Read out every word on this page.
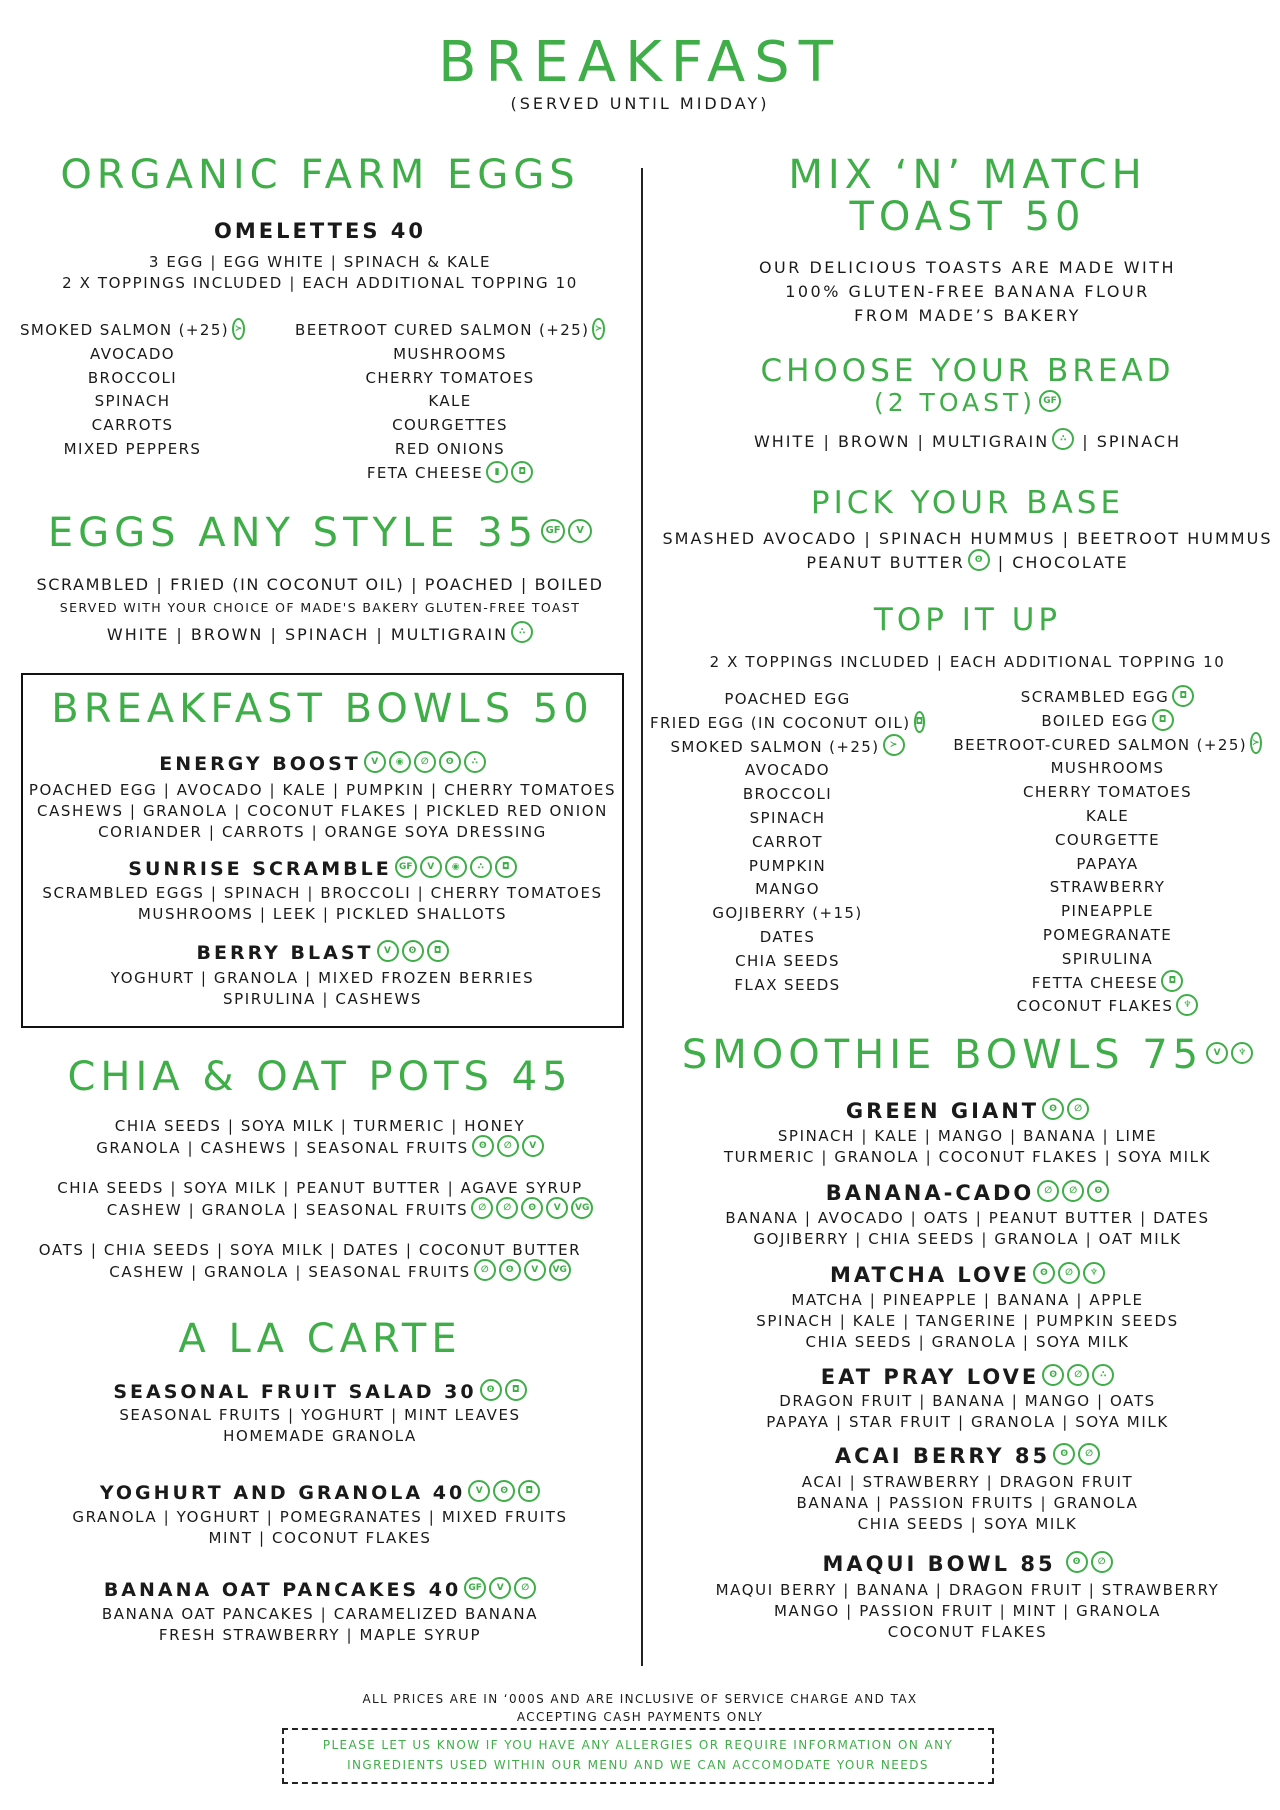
BREAKFAST
(SERVED UNTIL MIDDAY)
ORGANIC FARM EGGS
OMELETTES 40
3 EGG | EGG WHITE | SPINACH & KALE
2 X TOPPINGS INCLUDED | EACH ADDITIONAL TOPPING 10
SMOKED SALMON (+25) ≻
AVOCADO
BROCCOLI
SPINACH
CARROTS
MIXED PEPPERS
BEETROOT CURED SALMON (+25) ≻
MUSHROOMS
CHERRY TOMATOES
KALE
COURGETTES
RED ONIONS
FETA CHEESE	▮	◘
EGGS ANY STYLE 35 GF	V
SCRAMBLED | FRIED (IN COCONUT OIL) | POACHED | BOILED
SERVED WITH YOUR CHOICE OF MADE'S BAKERY GLUTEN-FREE TOAST
WHITE | BROWN | SPINACH | MULTIGRAIN	∴
BREAKFAST BOWLS 50
ENERGY BOOST	V	◉	∅	ʘ	∴
POACHED EGG | AVOCADO | KALE | PUMPKIN | CHERRY TOMATOES
CASHEWS | GRANOLA | COCONUT FLAKES | PICKLED RED ONION
CORIANDER | CARROTS | ORANGE SOYA DRESSING
SUNRISE SCRAMBLE GF	V	◉	∴	◘
SCRAMBLED EGGS | SPINACH | BROCCOLI | CHERRY TOMATOES
MUSHROOMS | LEEK | PICKLED SHALLOTS
BERRY BLAST	V	ʘ	◘
YOGHURT | GRANOLA | MIXED FROZEN BERRIES
SPIRULINA | CASHEWS
CHIA & OAT POTS 45
CHIA SEEDS | SOYA MILK | TURMERIC | HONEY
GRANOLA | CASHEWS | SEASONAL FRUITS	ʘ	∅	V
CHIA SEEDS | SOYA MILK | PEANUT BUTTER | AGAVE SYRUP
CASHEW | GRANOLA | SEASONAL FRUITS	∅	∅	ʘ	V	VG
OATS | CHIA SEEDS | SOYA MILK | DATES | COCONUT BUTTER
CASHEW | GRANOLA | SEASONAL FRUITS	∅	ʘ	V	VG
A LA CARTE
SEASONAL FRUIT SALAD 30	ʘ	◘
SEASONAL FRUITS | YOGHURT | MINT LEAVES
HOMEMADE GRANOLA
YOGHURT AND GRANOLA 40	V	ʘ	◘
GRANOLA | YOGHURT | POMEGRANATES | MIXED FRUITS
MINT | COCONUT FLAKES
BANANA OAT PANCAKES 40 GF	V	∅
BANANA OAT PANCAKES | CARAMELIZED BANANA
FRESH STRAWBERRY | MAPLE SYRUP
MIX ‘N’ MATCH
TOAST 50
OUR DELICIOUS TOASTS ARE MADE WITH
100% GLUTEN-FREE BANANA FLOUR
FROM MADE’S BAKERY
CHOOSE YOUR BREAD
(2 TOAST) GF
WHITE | BROWN | MULTIGRAIN	∴ | SPINACH
PICK YOUR BASE
SMASHED AVOCADO | SPINACH HUMMUS | BEETROOT HUMMUS
PEANUT BUTTER	ʘ | CHOCOLATE
TOP IT UP
2 X TOPPINGS INCLUDED | EACH ADDITIONAL TOPPING 10
POACHED EGG
FRIED EGG (IN COCONUT OIL) ◘
SMOKED SALMON (+25)	≻
AVOCADO
BROCCOLI
SPINACH
CARROT
PUMPKIN
MANGO
GOJIBERRY (+15)
DATES
CHIA SEEDS
FLAX SEEDS
SCRAMBLED EGG	◘
BOILED EGG	◘
BEETROOT-CURED SALMON (+25) ≻
MUSHROOMS
CHERRY TOMATOES
KALE
COURGETTE
PAPAYA
STRAWBERRY
PINEAPPLE
POMEGRANATE
SPIRULINA
FETTA CHEESE	◘
COCONUT FLAKES	♆
SMOOTHIE BOWLS 75	V	♆
GREEN GIANT	ʘ	∅
SPINACH | KALE | MANGO | BANANA | LIME
TURMERIC | GRANOLA | COCONUT FLAKES | SOYA MILK
BANANA-CADO	∅	∅	ʘ
BANANA | AVOCADO | OATS | PEANUT BUTTER | DATES
GOJIBERRY | CHIA SEEDS | GRANOLA | OAT MILK
MATCHA LOVE	ʘ	∅	♆
MATCHA | PINEAPPLE | BANANA | APPLE
SPINACH | KALE | TANGERINE | PUMPKIN SEEDS
CHIA SEEDS | GRANOLA | SOYA MILK
EAT PRAY LOVE	ʘ	∅	∴
DRAGON FRUIT | BANANA | MANGO | OATS
PAPAYA | STAR FRUIT | GRANOLA | SOYA MILK
ACAI BERRY 85	ʘ	∅
ACAI | STRAWBERRY | DRAGON FRUIT
BANANA | PASSION FRUITS | GRANOLA
CHIA SEEDS | SOYA MILK
MAQUI BOWL 85	ʘ	∅
MAQUI BERRY | BANANA | DRAGON FRUIT | STRAWBERRY
MANGO | PASSION FRUIT | MINT | GRANOLA
COCONUT FLAKES
ALL PRICES ARE IN ‘000S AND ARE INCLUSIVE OF SERVICE CHARGE AND TAX
ACCEPTING CASH PAYMENTS ONLY
PLEASE LET US KNOW IF YOU HAVE ANY ALLERGIES OR REQUIRE INFORMATION ON ANY
INGREDIENTS USED WITHIN OUR MENU AND WE CAN ACCOMODATE YOUR NEEDS
